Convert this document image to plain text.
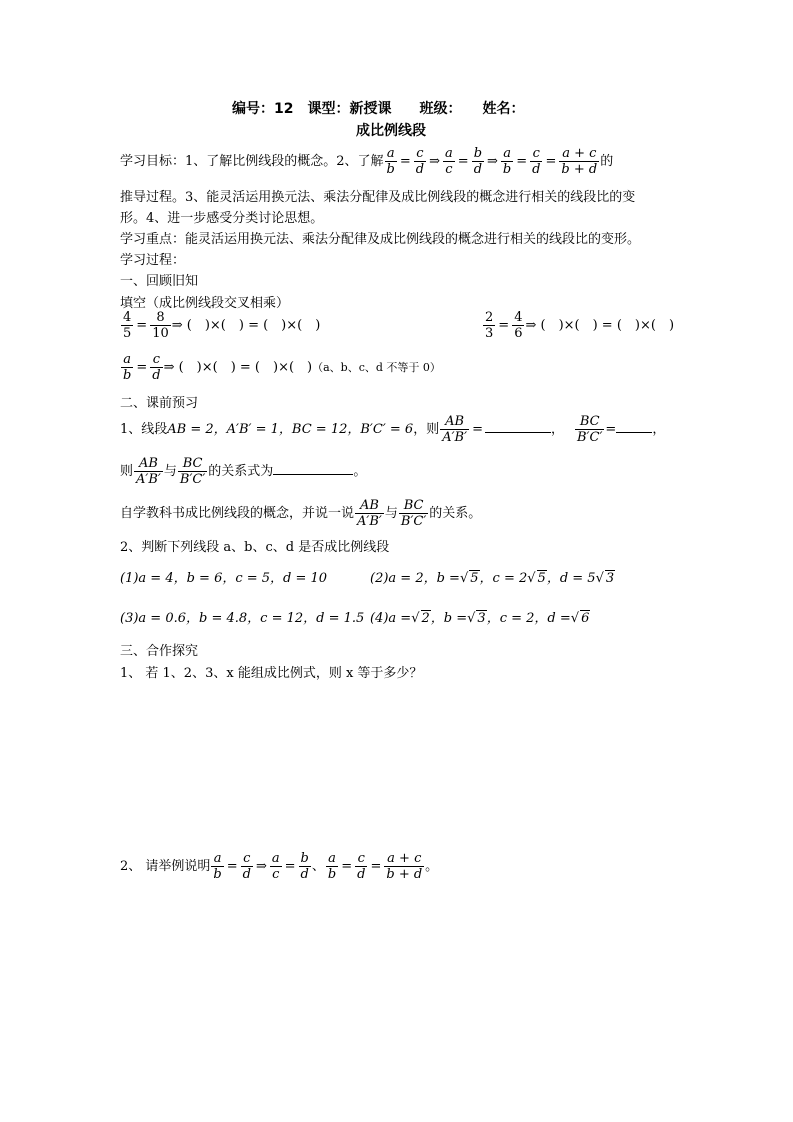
编号：12　课型：新授课　　班级：　　姓名：
成比例线段
学习目标：1、了解比例线段的概念。2、了解 $\frac{a}{b} = \frac{c}{d}$ ⇒ $\frac{a}{c} = \frac{b}{d}$ ⇒ $\frac{a}{b} = \frac{c}{d} = \frac{a + c}{b + d}$ 的
推导过程。3、能灵活运用换元法、乘法分配律及成比例线段的概念进行相关的线段比的变
形。4、进一步感受分类讨论思想。
学习重点：能灵活运用换元法、乘法分配律及成比例线段的概念进行相关的线段比的变形。
学习过程：
一、回顾旧知
填空（成比例线段交叉相乘）
$\frac{4}{5} = \frac{8}{10}$ ⇒ (　)×(　) = (　)×(　)	$\frac{2}{3} = \frac{4}{6}$ ⇒ (　)×(　) = (　)×(　)
$\frac{a}{b} = \frac{c}{d}$ ⇒ (　)×(　) = (　)×(　)（a、b、c、d 不等于 0）
二、课前预习
1、线段AB = 2，A′B′ = 1，BC = 12，B′C′ = 6，则 $\frac{AB}{A'B'}$ =	， $\frac{BC}{B'C'}$ =	，
则 $\frac{AB}{A'B'}$ 与 $\frac{BC}{B'C'}$ 的关系式为	。
自学教科书成比例线段的概念，并说一说 $\frac{AB}{A'B'}$ 与 $\frac{BC}{B'C'}$ 的关系。
2、判断下列线段 a、b、c、d 是否成比例线段
(1)a = 4，b = 6，c = 5，d = 10	(2)a = 2，b =√ 5，c = 2√ 5，d = 5√ 3
(3)a = 0.6，b = 4.8，c = 12，d = 1.5 (4)a =√ 2，b =√ 3，c = 2，d =√ 6
三、合作探究
1、 若 1、2、3、x 能组成比例式，则 x 等于多少？
2、 请举例说明 $\frac{a}{b} = \frac{c}{d}$ ⇒ $\frac{a}{c} = \frac{b}{d}$ 、 $\frac{a}{b} = \frac{c}{d} = \frac{a + c}{b + d}$ 。
